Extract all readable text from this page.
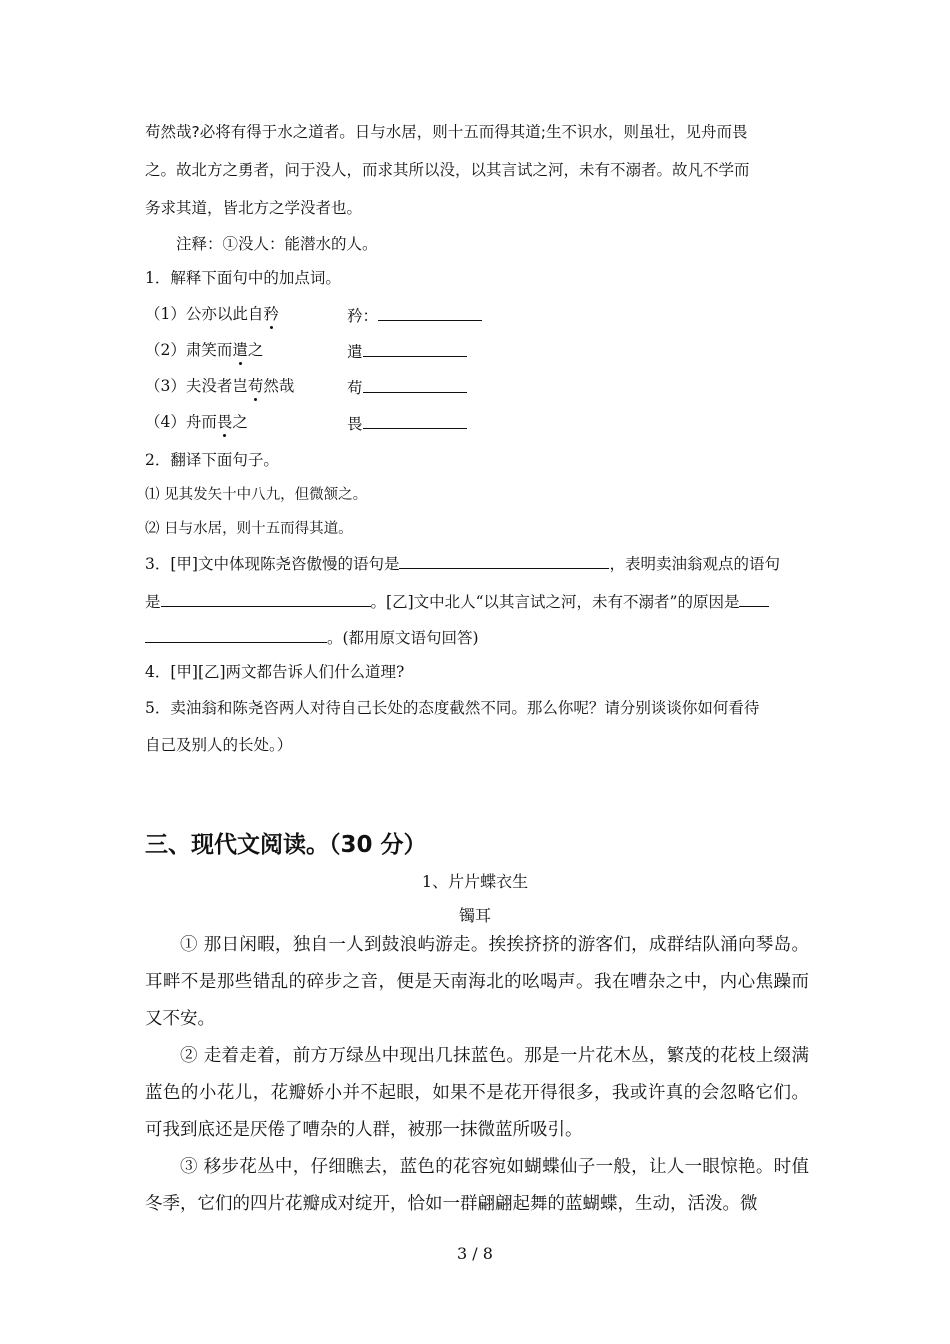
苟然哉?必将有得于水之道者。日与水居，则十五而得其道;生不识水，则虽壮，见舟而畏
之。故北方之勇者，问于没人，而求其所以没，以其言试之河，未有不溺者。故凡不学而
务求其道，皆北方之学没者也。
注释：①没人：能潜水的人。
1．解释下面句中的加点词。
（1）公亦以此自矜	矜：
（2）肃笑而遣之	遣
（3）夫没者岂苟然哉	苟
（4）舟而畏之	畏
2．翻译下面句子。
⑴ 见其发矢十中八九，但微颔之。
⑵ 日与水居，则十五而得其道。
3．[甲]文中体现陈尧咨傲慢的语句是	，表明卖油翁观点的语句
是	。[乙]文中北人“以其言试之河，未有不溺者”的原因是
。(都用原文语句回答)
4．[甲][乙]两文都告诉人们什么道理?
5．卖油翁和陈尧咨两人对待自己长处的态度截然不同。那么你呢？请分别谈谈你如何看待
自己及别人的长处。）
三、现代文阅读。（30 分）
1、片片蝶衣生
镯耳
① 那日闲暇，独自一人到鼓浪屿游走。挨挨挤挤的游客们，成群结队涌向琴岛。耳畔不是那些错乱的碎步之音，便是天南海北的吆喝声。我在嘈杂之中，内心焦躁而又不安。
② 走着走着，前方万绿丛中现出几抹蓝色。那是一片花木丛，繁茂的花枝上缀满蓝色的小花儿，花瓣娇小并不起眼，如果不是花开得很多，我或许真的会忽略它们。可我到底还是厌倦了嘈杂的人群，被那一抹微蓝所吸引。
③ 移步花丛中，仔细瞧去，蓝色的花容宛如蝴蝶仙子一般，让人一眼惊艳。时值冬季，它们的四片花瓣成对绽开，恰如一群翩翩起舞的蓝蝴蝶，生动，活泼。微
3 / 8
